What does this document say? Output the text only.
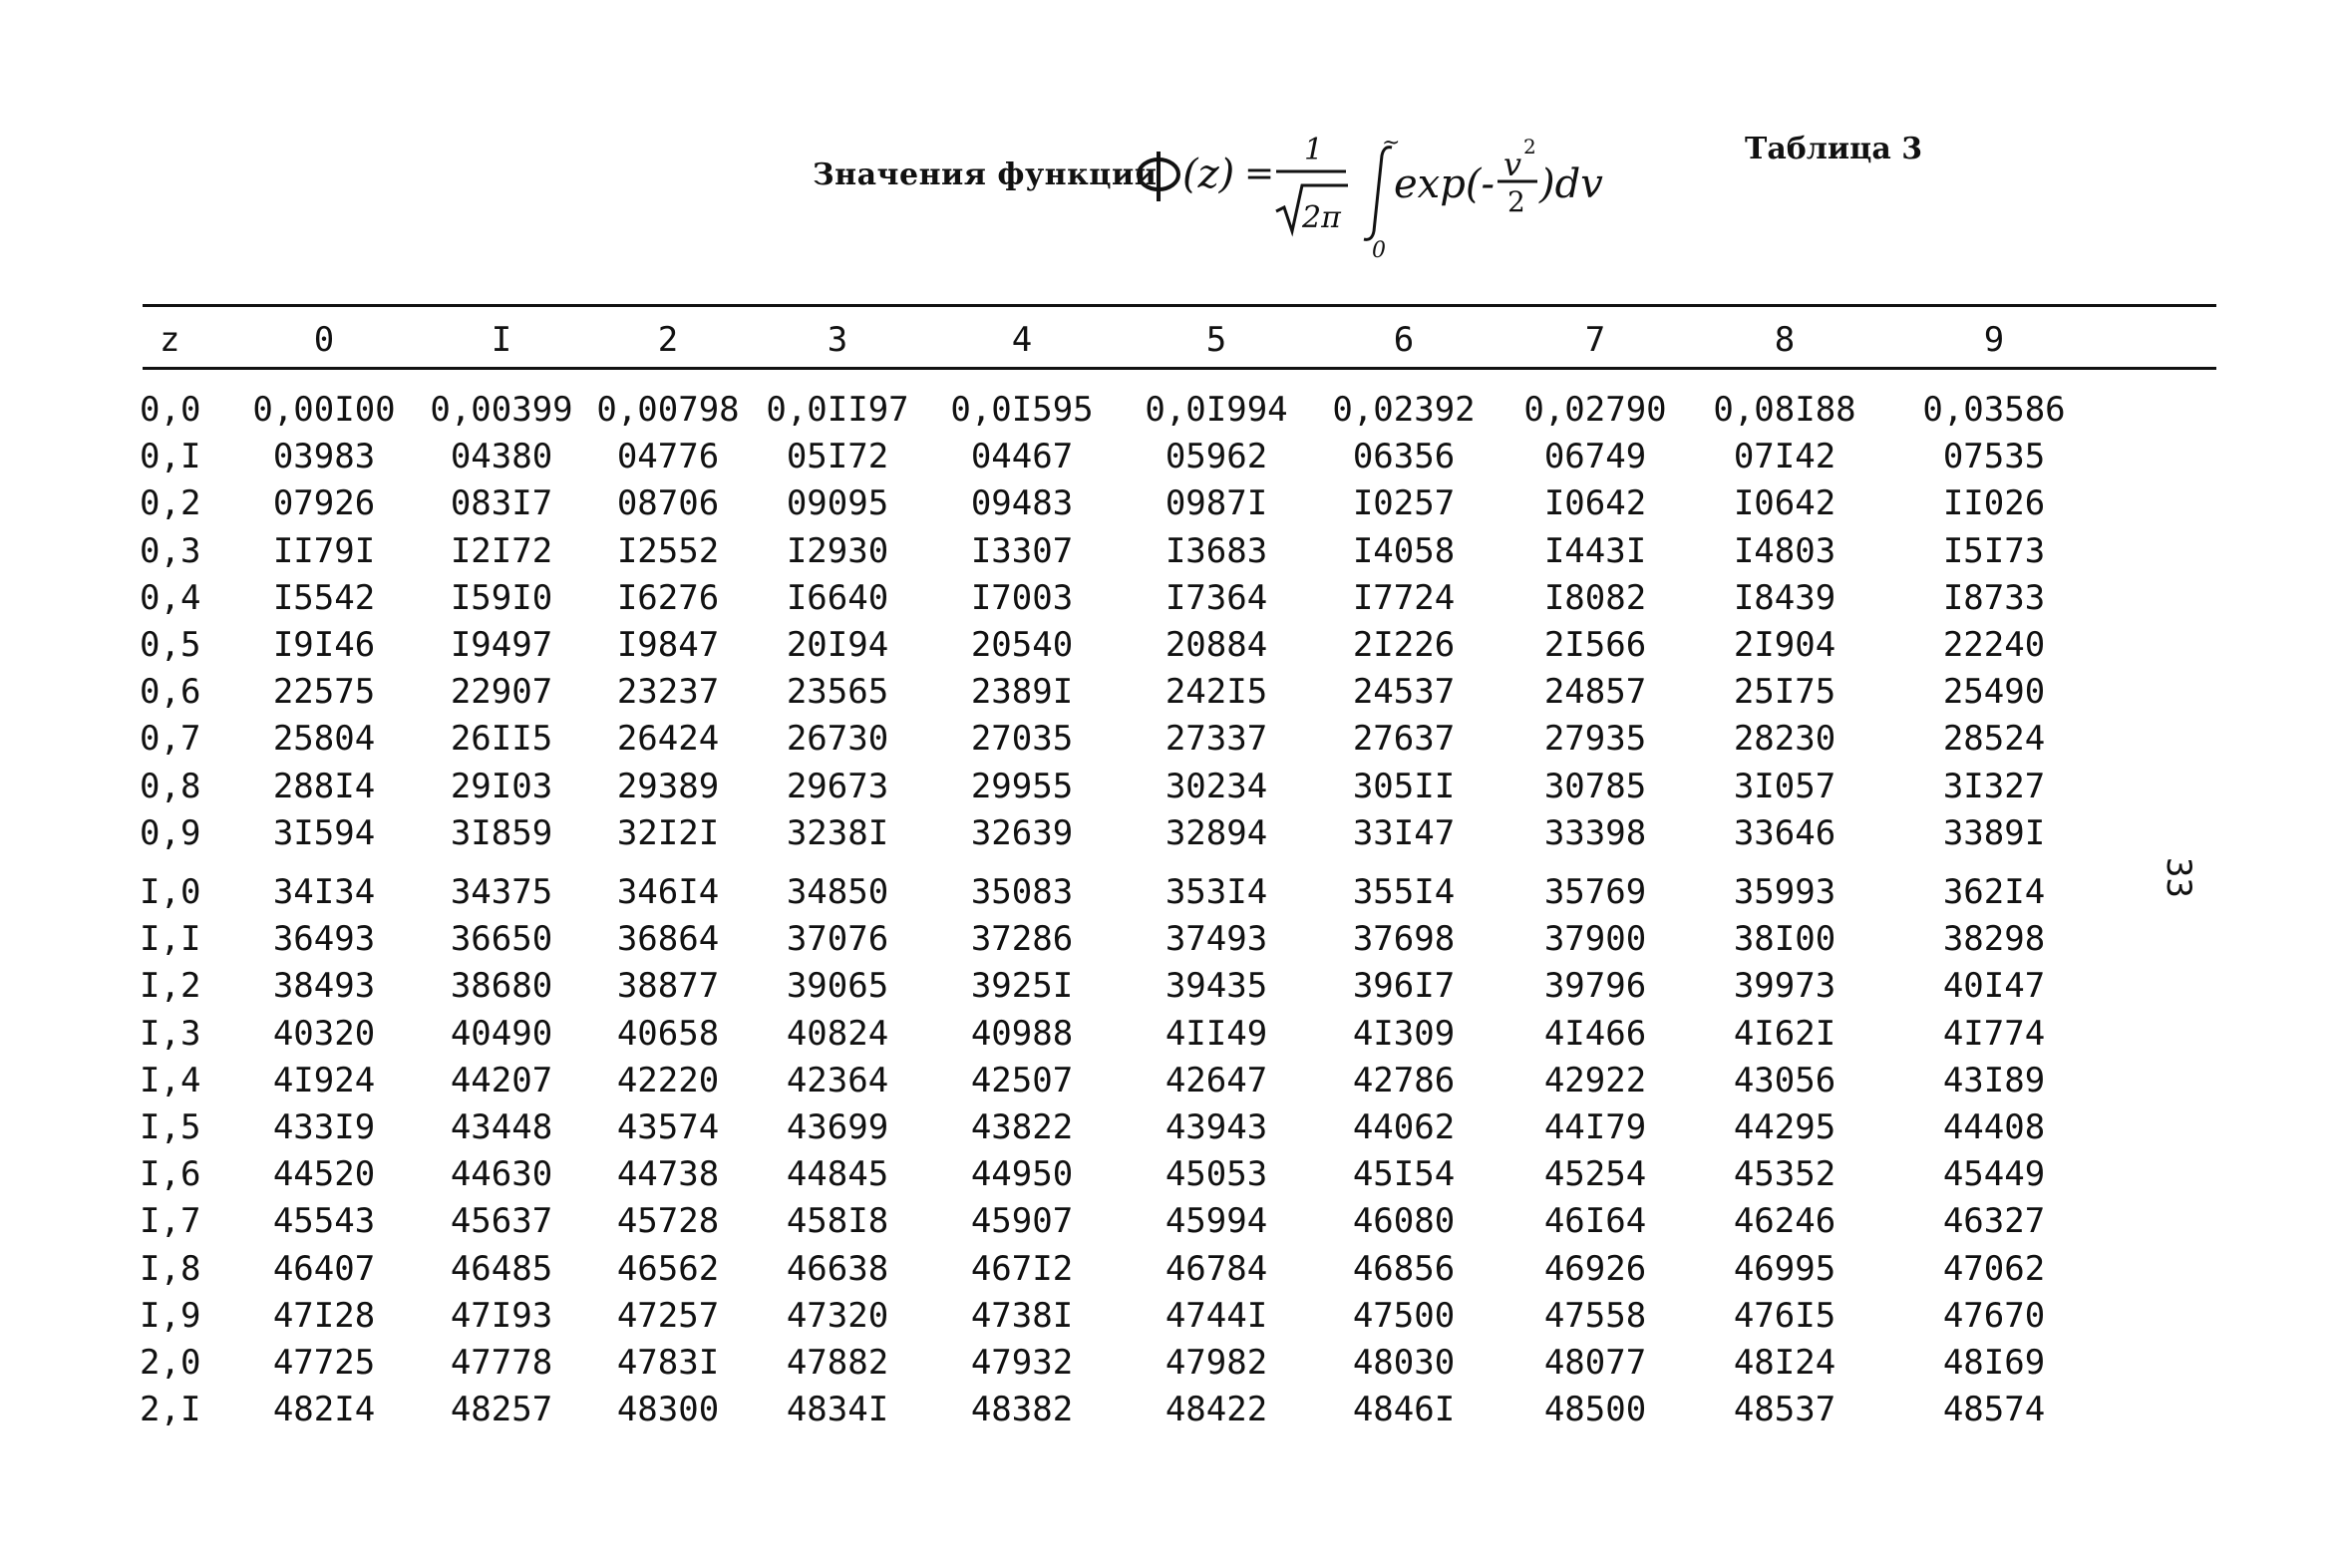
Значения функции (z) =
1
2π
~
0
exp(- v 2
2 )dv
Таблица 3
33
z	0	I	2	3	4	5	6	7	8	9
0,0 0,00I00 0,00399 0,00798 0,0II97 0,0I595 0,0I994 0,02392 0,02790 0,08I88 0,03586
0,I 03983 04380 04776 05I72 04467	05962	06356	06749	07I42	07535
0,2 07926 083I7 08706 09095 09483	0987I	I0257	I0642	I0642	II026
0,3 II79I I2I72 I2552 I2930 I3307	I3683	I4058	I443I	I4803	I5I73
0,4 I5542 I59I0 I6276 I6640 I7003	I7364	I7724	I8082	I8439	I8733
0,5 I9I46 I9497 I9847 20I94 20540	20884	2I226	2I566	2I904	22240
0,6 22575 22907 23237 23565 2389I	242I5	24537	24857	25I75	25490
0,7 25804 26II5 26424 26730 27035	27337	27637	27935	28230	28524
0,8 288I4 29I03 29389 29673 29955	30234	305II	30785	3I057	3I327
0,9 3I594 3I859 32I2I 3238I 32639	32894	33I47	33398	33646	3389I
I,0 34I34 34375 346I4 34850 35083	353I4	355I4	35769	35993	362I4
I,I 36493 36650 36864 37076 37286	37493	37698	37900	38I00	38298
I,2 38493 38680 38877 39065 3925I	39435	396I7	39796	39973	40I47
I,3 40320 40490 40658 40824 40988	4II49	4I309	4I466	4I62I	4I774
I,4 4I924 44207 42220 42364 42507	42647	42786	42922	43056	43I89
I,5 433I9 43448 43574 43699 43822	43943	44062	44I79	44295	44408
I,6 44520 44630 44738 44845 44950	45053	45I54	45254	45352	45449
I,7 45543 45637 45728 458I8 45907	45994	46080	46I64	46246	46327
I,8 46407 46485 46562 46638 467I2	46784	46856	46926	46995	47062
I,9 47I28 47I93 47257 47320 4738I	4744I	47500	47558	476I5	47670
2,0 47725 47778 4783I 47882 47932	47982	48030	48077	48I24	48I69
2,I 482I4 48257 48300 4834I 48382	48422	4846I	48500	48537	48574
